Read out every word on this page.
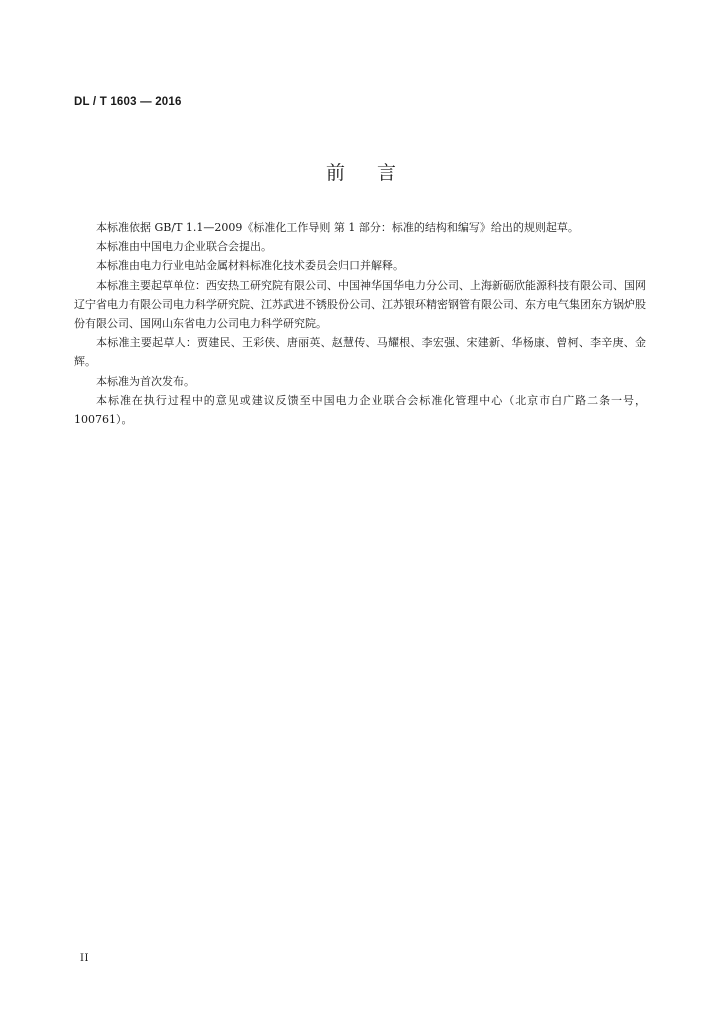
DL / T 1603 — 2016
前 言

本标准依据 GB/T 1.1—2009《标准化工作导则 第 1 部分：标准的结构和编写》给出的规则起草。

本标准由中国电力企业联合会提出。

本标准由电力行业电站金属材料标准化技术委员会归口并解释。

本标准主要起草单位：西安热工研究院有限公司、中国神华国华电力分公司、上海新砺欣能源科技有限公司、国网辽宁省电力有限公司电力科学研究院、江苏武进不锈股份公司、江苏银环精密钢管有限公司、东方电气集团东方锅炉股份有限公司、国网山东省电力公司电力科学研究院。

本标准主要起草人：贾建民、王彩侠、唐丽英、赵慧传、马耀根、李宏强、宋建新、华杨康、曾柯、李辛庚、金辉。

本标准为首次发布。

本标准在执行过程中的意见或建议反馈至中国电力企业联合会标准化管理中心（北京市白广路二条一号，100761）。

II
